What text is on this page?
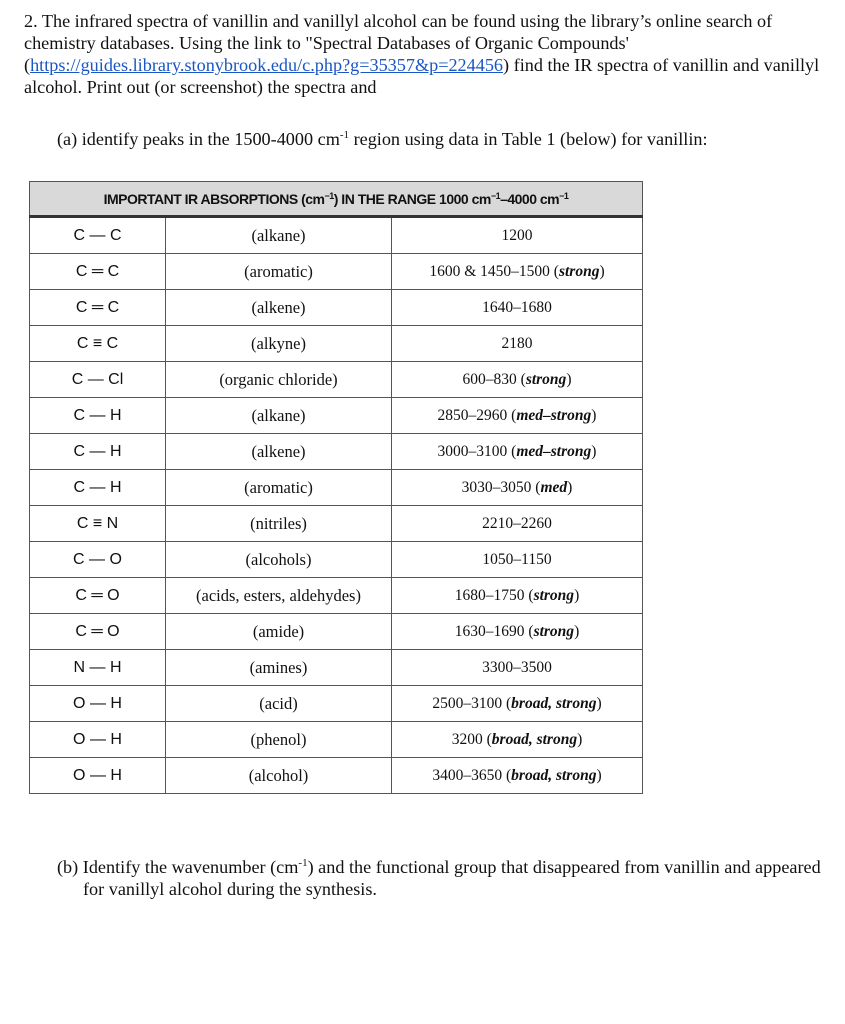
2. The infrared spectra of vanillin and vanillyl alcohol can be found using the library’s online search of chemistry databases. Using the link to "Spectral Databases of Organic Compounds'
(https://guides.library.stonybrook.edu/c.php?g=35357&p=224456) find the IR spectra of vanillin and vanillyl alcohol. Print out (or screenshot) the spectra and
(a) identify peaks in the 1500-4000 $cm^{-1}$ region using data in Table 1 (below) for vanillin:
IMPORTANT IR ABSORPTIONS $(cm^{-1})$ IN THE RANGE 1000 $cm^{-1}-4000$ $cm^{-1}$
C — C	(alkane)	1200
C ═ C	(aromatic)	1600 & 1450–1500 (strong)
C ═ C	(alkene)	1640–1680
C ≡ C	(alkyne)	2180
C — Cl	(organic chloride)	600–830 (strong)
C — H	(alkane)	2850–2960 (med–strong)
C — H	(alkene)	3000–3100 (med–strong)
C — H	(aromatic)	3030–3050 (med)
C ≡ N	(nitriles)	2210–2260
C — O	(alcohols)	1050–1150
C ═ O	(acids, esters, aldehydes)	1680–1750 (strong)
C ═ O	(amide)	1630–1690 (strong)
N — H	(amines)	3300–3500
O — H	(acid)	2500–3100 (broad, strong)
O — H	(phenol)	3200 (broad, strong)
O — H	(alcohol)	3400–3650 (broad, strong)
(b) Identify the wavenumber $(cm^{-1})$ and the functional group that disappeared from vanillin and appeared for vanillyl alcohol during the synthesis.
